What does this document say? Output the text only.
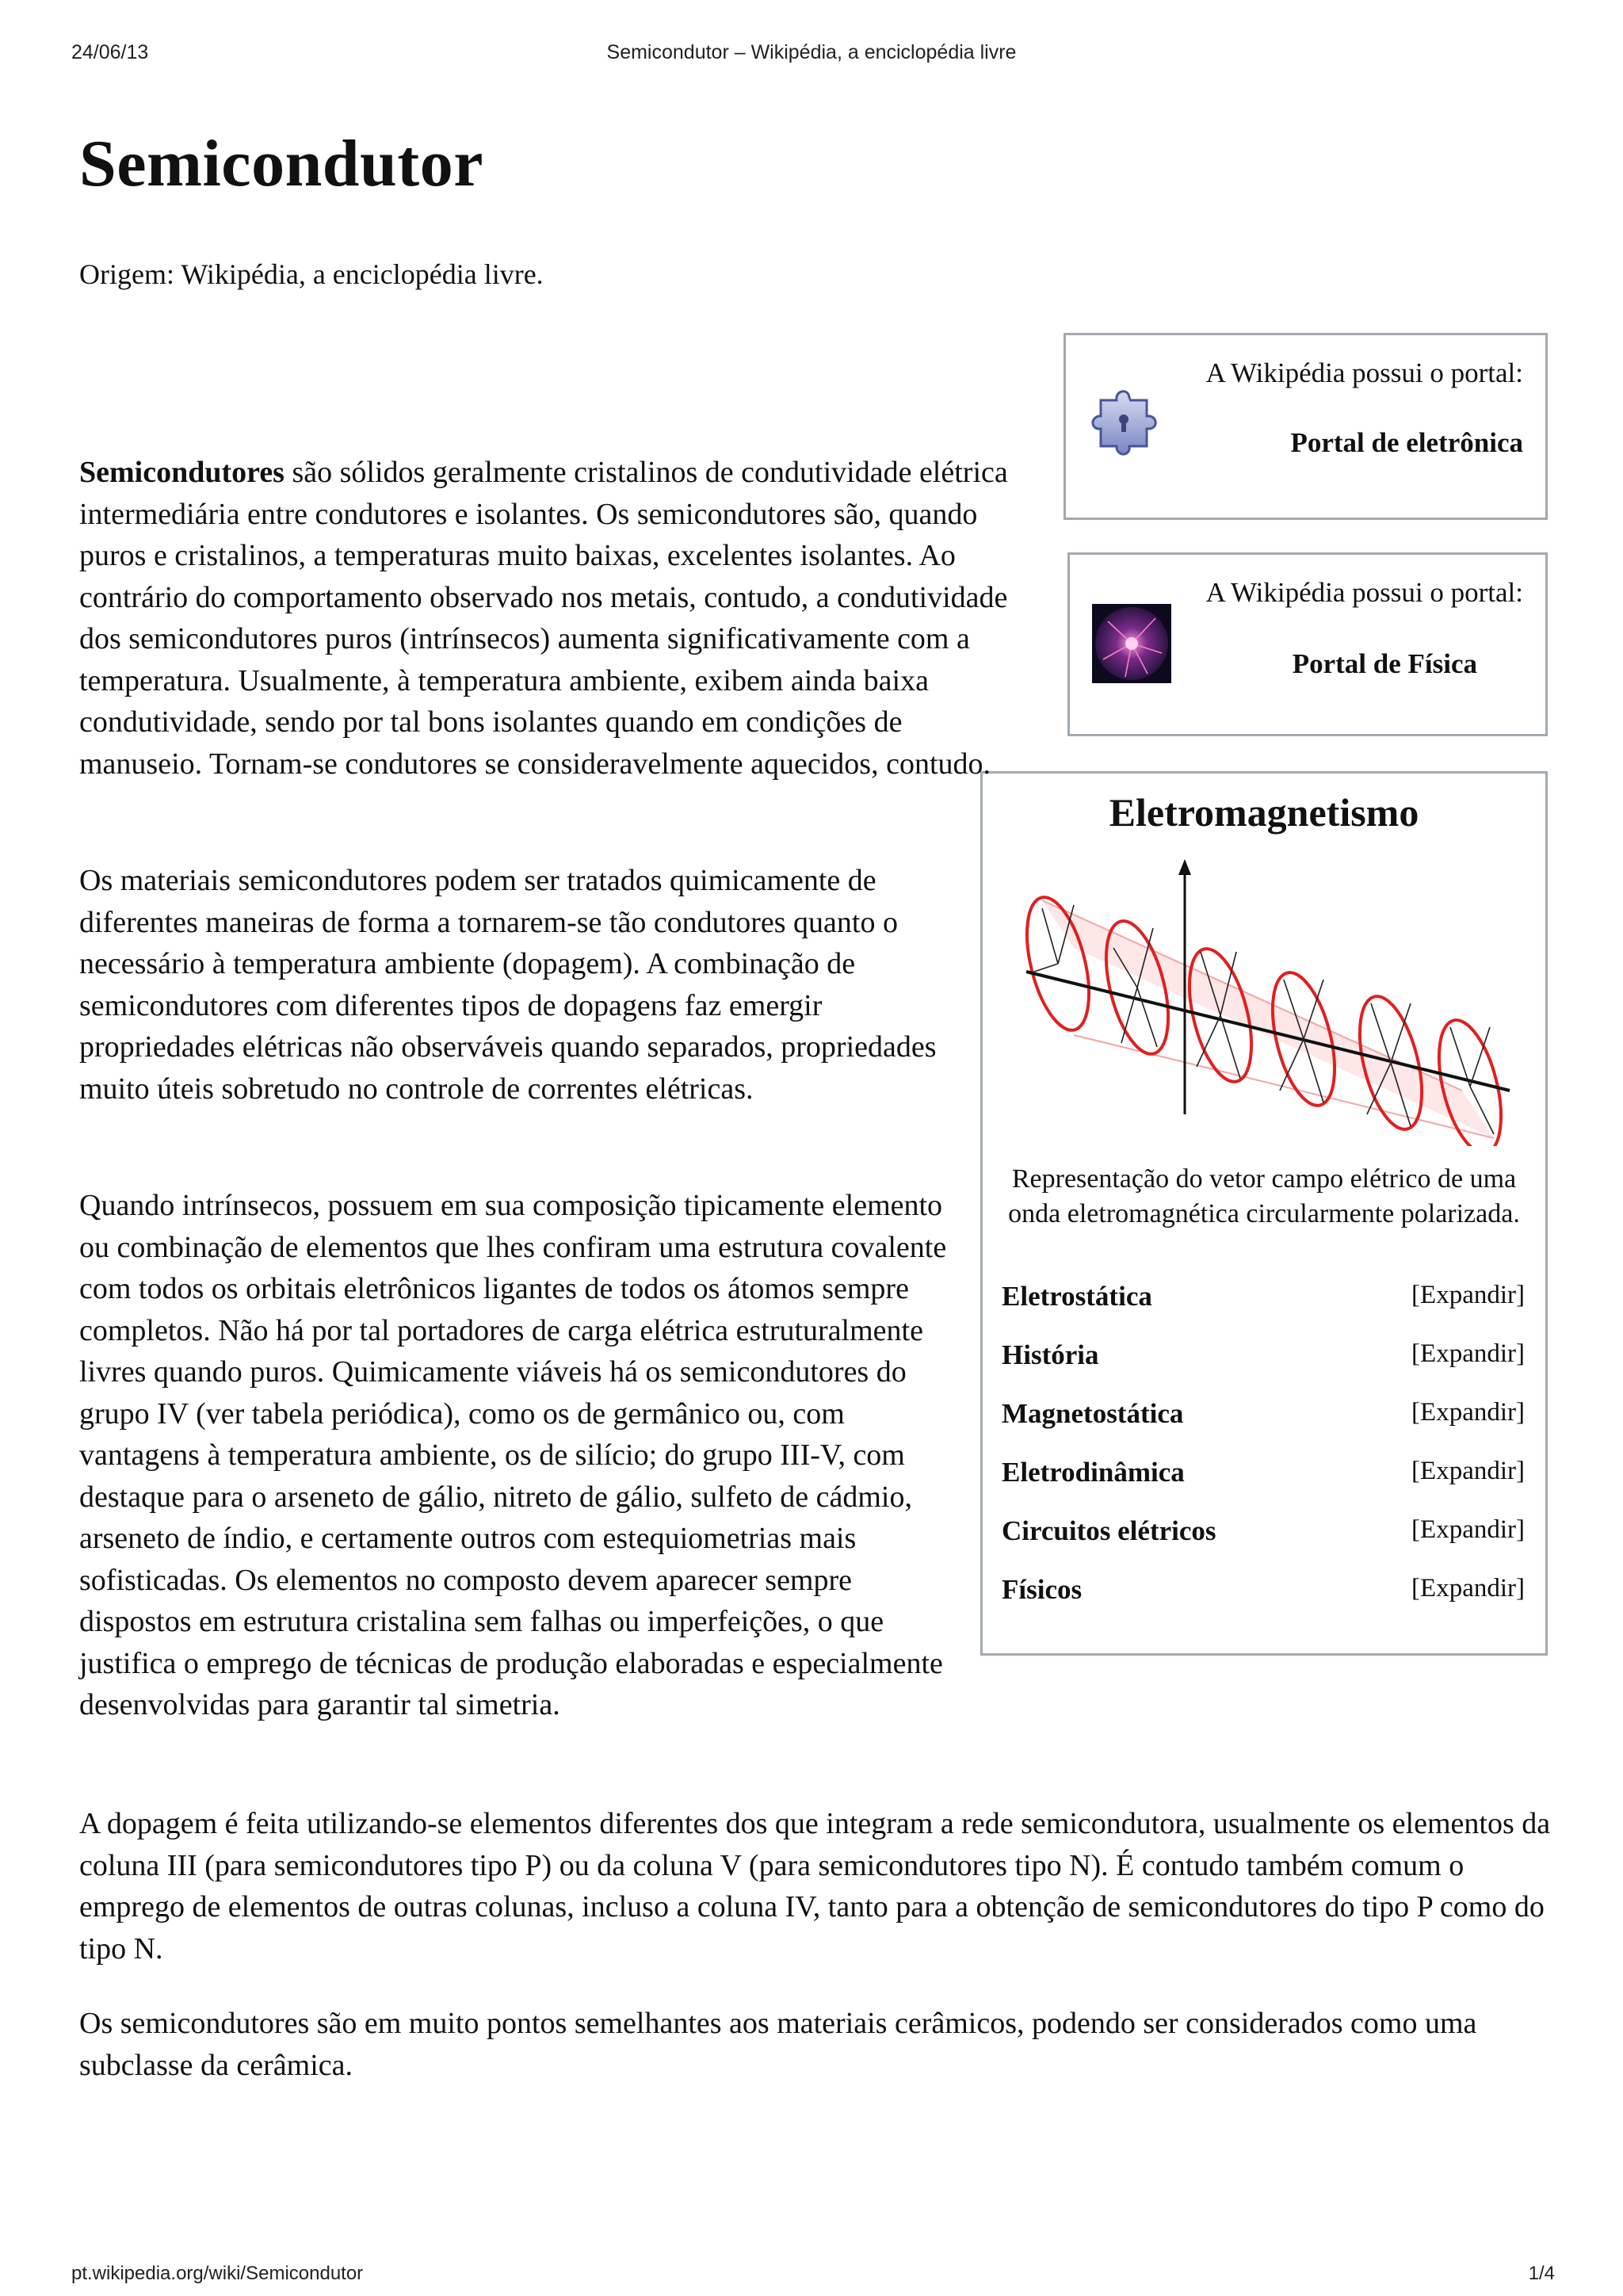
24/06/13	Semicondutor – Wikipédia, a enciclopédia livre
Semicondutor

Origem: Wikipédia, a enciclopédia livre.

A Wikipédia possui o portal:
Portal de eletrônica
A Wikipédia possui o portal:
Portal de Física
Eletromagnetismo
Representação do vetor campo elétrico de uma onda eletromagnética circularmente polarizada.
Eletrostática	[Expandir]
História	[Expandir]
Magnetostática	[Expandir]
Eletrodinâmica	[Expandir]
Circuitos elétricos	[Expandir]
Físicos	[Expandir]

Semicondutores são sólidos geralmente cristalinos de condutividade elétrica intermediária entre condutores e isolantes. Os semicondutores são, quando puros e cristalinos, a temperaturas muito baixas, excelentes isolantes. Ao contrário do comportamento observado nos metais, contudo, a condutividade dos semicondutores puros (intrínsecos) aumenta significativamente com a temperatura. Usualmente, à temperatura ambiente, exibem ainda baixa condutividade, sendo por tal bons isolantes quando em condições de manuseio. Tornam-se condutores se consideravelmente aquecidos, contudo.

Os materiais semicondutores podem ser tratados quimicamente de diferentes maneiras de forma a tornarem-se tão condutores quanto o necessário à temperatura ambiente (dopagem). A combinação de semicondutores com diferentes tipos de dopagens faz emergir propriedades elétricas não observáveis quando separados, propriedades muito úteis sobretudo no controle de correntes elétricas.

Quando intrínsecos, possuem em sua composição tipicamente elemento ou combinação de elementos que lhes confiram uma estrutura covalente com todos os orbitais eletrônicos ligantes de todos os átomos sempre completos. Não há por tal portadores de carga elétrica estruturalmente livres quando puros. Quimicamente viáveis há os semicondutores do grupo IV (ver tabela periódica), como os de germânico ou, com vantagens à temperatura ambiente, os de silício; do grupo III-V, com destaque para o arseneto de gálio, nitreto de gálio, sulfeto de cádmio, arseneto de índio, e certamente outros com estequiometrias mais sofisticadas. Os elementos no composto devem aparecer sempre dispostos em estrutura cristalina sem falhas ou imperfeições, o que justifica o emprego de técnicas de produção elaboradas e especialmente desenvolvidas para garantir tal simetria.

A dopagem é feita utilizando-se elementos diferentes dos que integram a rede semicondutora, usualmente os elementos da coluna III (para semicondutores tipo P) ou da coluna V (para semicondutores tipo N). É contudo também comum o emprego de elementos de outras colunas, incluso a coluna IV, tanto para a obtenção de semicondutores do tipo P como do tipo N.

Os semicondutores são em muito pontos semelhantes aos materiais cerâmicos, podendo ser considerados como uma subclasse da cerâmica.

pt.wikipedia.org/wiki/Semicondutor	1/4
